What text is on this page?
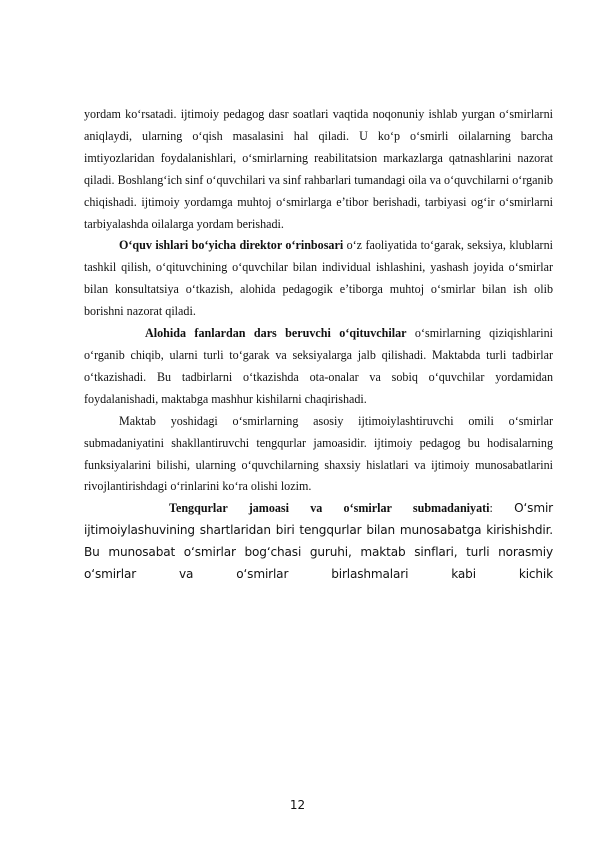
yordam ko‘rsatadi. ijtimoiy pedagog dasr soatlari vaqtida noqonuniy ishlab yurgan o‘smirlarni aniqlaydi, ularning o‘qish masalasini hal qiladi. U ko‘p o‘smirli oilalarning barcha imtiyozlaridan foydalanishlari, o‘smirlarning reabilitatsion markazlarga qatnashlarini nazorat qiladi. Boshlang‘ich sinf o‘quvchilari va sinf rahbarlari tumandagi oila va o‘quvchilarni o‘rganib chiqishadi. ijtimoiy yordamga muhtoj o‘smirlarga e’tibor berishadi, tarbiyasi og‘ir o‘smirlarni tarbiyalashda oilalarga yordam berishadi.

O‘quv ishlari bo‘yicha direktor o‘rinbosari o‘z faoliyatida to‘garak, seksiya, klublarni tashkil qilish, o‘qituvchining o‘quvchilar bilan individual ishlashini, yashash joyida o‘smirlar bilan konsultatsiya o‘tkazish, alohida pedagogik e’tiborga muhtoj o‘smirlar bilan ish olib borishni nazorat qiladi.

Alohida fanlardan dars beruvchi o‘qituvchilar o‘smirlarning qiziqishlarini o‘rganib chiqib, ularni turli to‘garak va seksiyalarga jalb qilishadi. Maktabda turli tadbirlar o‘tkazishadi. Bu tadbirlarni o‘tkazishda ota-onalar va sobiq o‘quvchilar yordamidan foydalanishadi, maktabga mashhur kishilarni chaqirishadi.

Maktab yoshidagi o‘smirlarning asosiy ijtimoiylashtiruvchi omili o‘smirlar submadaniyatini shakllantiruvchi tengqurlar jamoasidir. ijtimoiy pedagog bu hodisalarning funksiyalarini bilishi, ularning o‘quvchilarning shaxsiy hislatlari va ijtimoiy munosabatlarini rivojlantirishdagi o‘rinlarini ko‘ra olishi lozim.

Tengqurlar jamoasi va o‘smirlar submadaniyati: O‘smir ijtimoiylashuvining shartlaridan biri tengqurlar bilan munosabatga kirishishdir. Bu munosabat o‘smirlar bog‘chasi guruhi, maktab sinflari, turli norasmiy o‘smirlar va o‘smirlar birlashmalari kabi kichik

12
